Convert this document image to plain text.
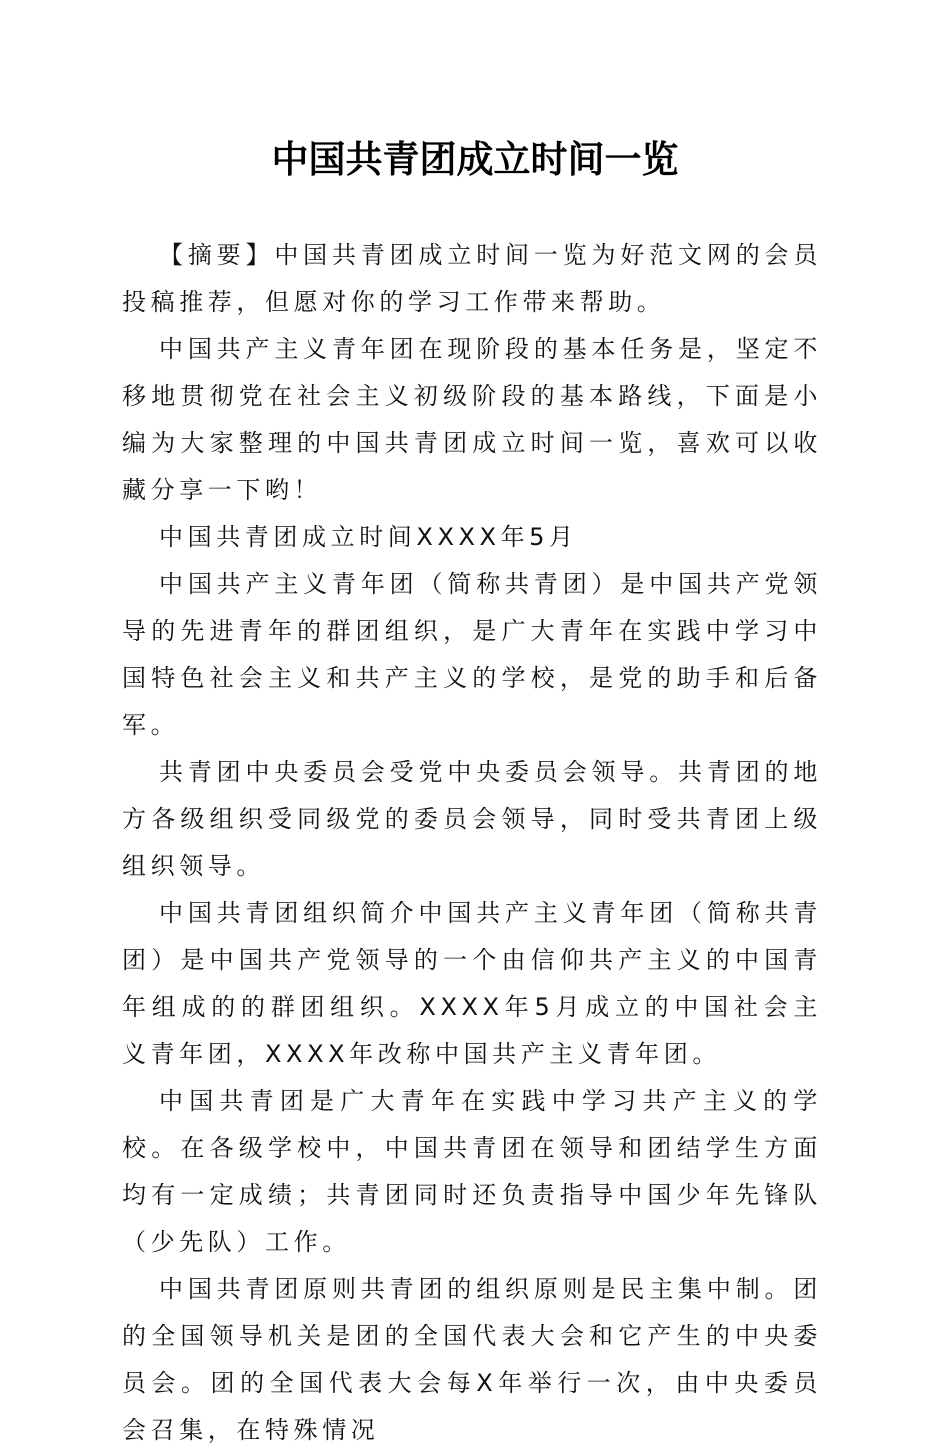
中国共青团成立时间一览

【摘要】中国共青团成立时间一览为好范文网的会员投稿推荐，但愿对你的学习工作带来帮助。

中国共产主义青年团在现阶段的基本任务是，坚定不移地贯彻党在社会主义初级阶段的基本路线，下面是小编为大家整理的中国共青团成立时间一览，喜欢可以收藏分享一下哟！

中国共青团成立时间XXXX年5月

中国共产主义青年团（简称共青团）是中国共产党领导的先进青年的群团组织，是广大青年在实践中学习中国特色社会主义和共产主义的学校，是党的助手和后备军。

共青团中央委员会受党中央委员会领导。共青团的地方各级组织受同级党的委员会领导，同时受共青团上级组织领导。

中国共青团组织简介中国共产主义青年团（简称共青团）是中国共产党领导的一个由信仰共产主义的中国青年组成的的群团组织。XXXX年5月成立的中国社会主义青年团，XXXX年改称中国共产主义青年团。

中国共青团是广大青年在实践中学习共产主义的学校。在各级学校中，中国共青团在领导和团结学生方面均有一定成绩；共青团同时还负责指导中国少年先锋队（少先队）工作。

中国共青团原则共青团的组织原则是民主集中制。团的全国领导机关是团的全国代表大会和它产生的中央委员会。团的全国代表大会每X年举行一次，由中央委员会召集，在特殊情况
